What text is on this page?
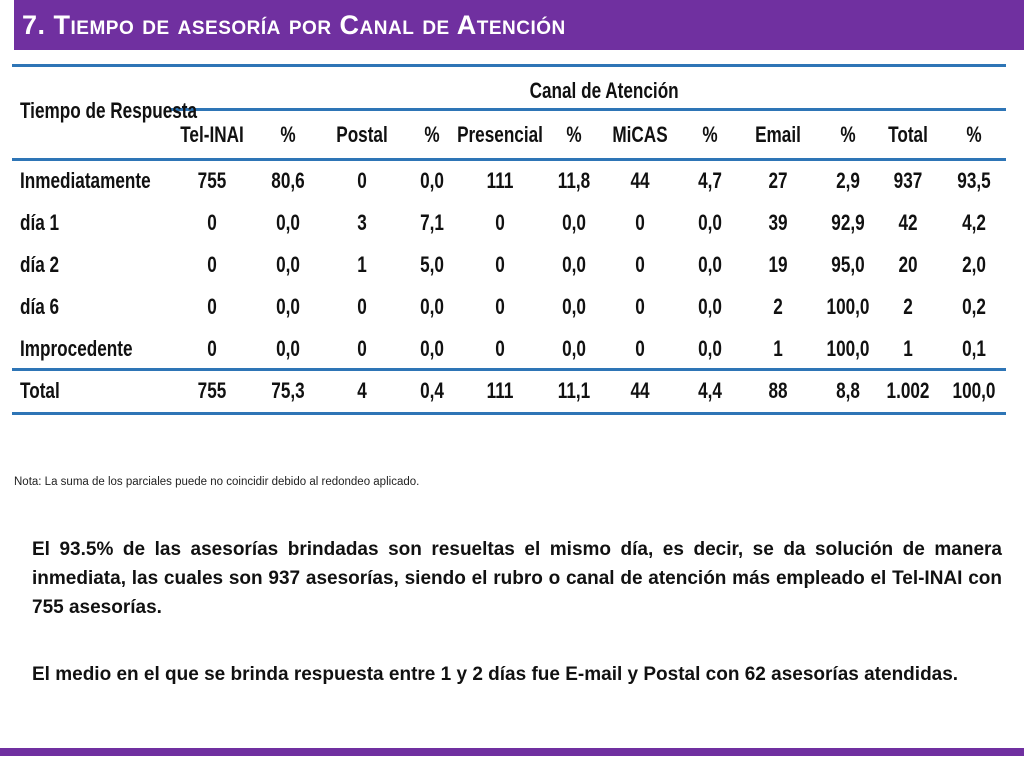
7. Tiempo de asesoría por Canal de Atención
Canal de Atención
Tiempo de Respuesta
Tel-INAI	%	Postal	% Presencial	%	MiCAS	%	Email	%	Total	%
Inmediatamente	755	80,6	0	0,0	111	11,8	44	4,7	27	2,9	937	93,5
día 1	0	0,0	3	7,1	0	0,0	0	0,0	39	92,9	42	4,2
día 2	0	0,0	1	5,0	0	0,0	0	0,0	19	95,0	20	2,0
día 6	0	0,0	0	0,0	0	0,0	0	0,0	2	100,0	2	0,2
Improcedente	0	0,0	0	0,0	0	0,0	0	0,0	1	100,0	1	0,1
Total	755	75,3	4	0,4	111	11,1	44	4,4	88	8,8	1.002	100,0
Nota: La suma de los parciales puede no coincidir debido al redondeo aplicado.

El 93.5% de las asesorías brindadas son resueltas el mismo día, es decir, se da solución de manera inmediata, las cuales son 937 asesorías, siendo el rubro o canal de atención más empleado el Tel-INAI con 755 asesorías.

El medio en el que se brinda respuesta entre 1 y 2 días fue E-mail y Postal con 62 asesorías atendidas.
